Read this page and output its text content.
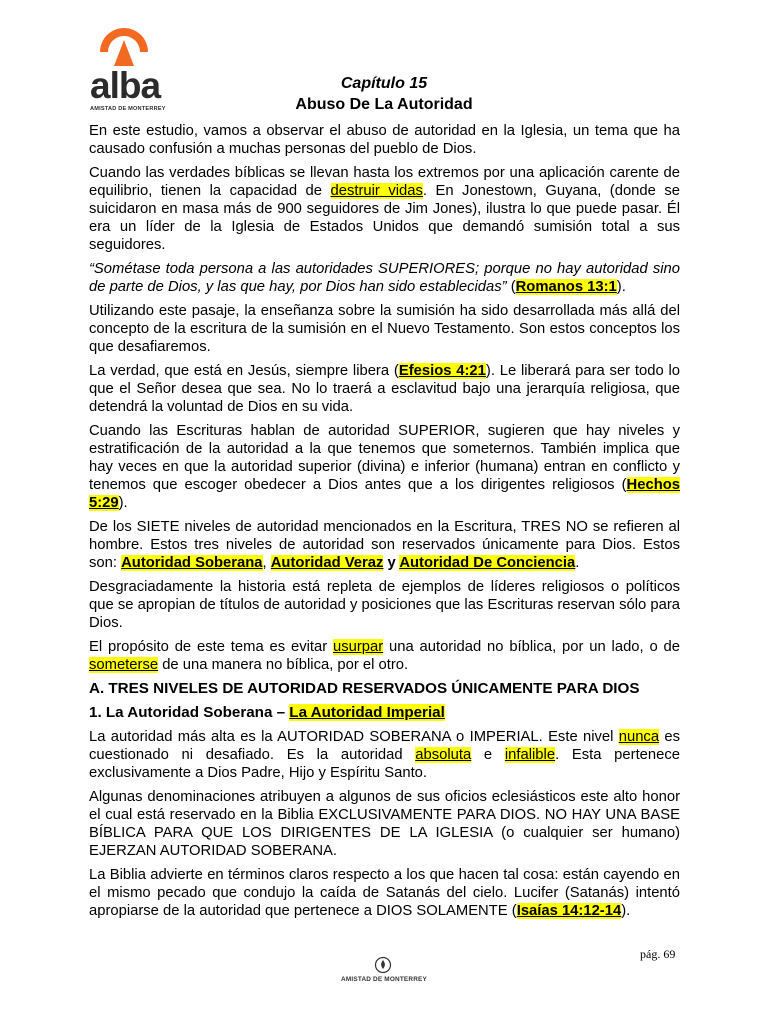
alba
AMISTAD DE MONTERREY
Capítulo 15
Abuso De La Autoridad

En este estudio, vamos a observar el abuso de autoridad en la Iglesia, un tema que ha causado confusión a muchas personas del pueblo de Dios.

Cuando las verdades bíblicas se llevan hasta los extremos por una aplicación carente de equilibrio, tienen la capacidad de destruir vidas. En Jonestown, Guyana, (donde se suicidaron en masa más de 900 seguidores de Jim Jones), ilustra lo que puede pasar. Él era un líder de la Iglesia de Estados Unidos que demandó sumisión total a sus seguidores.

“Sométase toda persona a las autoridades SUPERIORES; porque no hay autoridad sino de parte de Dios, y las que hay, por Dios han sido establecidas” (Romanos 13:1).

Utilizando este pasaje, la enseñanza sobre la sumisión ha sido desarrollada más allá del concepto de la escritura de la sumisión en el Nuevo Testamento. Son estos conceptos los que desafiaremos.

La verdad, que está en Jesús, siempre libera (Efesios 4:21). Le liberará para ser todo lo que el Señor desea que sea. No lo traerá a esclavitud bajo una jerarquía religiosa, que detendrá la voluntad de Dios en su vida.

Cuando las Escrituras hablan de autoridad SUPERIOR, sugieren que hay niveles y estratificación de la autoridad a la que tenemos que someternos. También implica que hay veces en que la autoridad superior (divina) e inferior (humana) entran en conflicto y tenemos que escoger obedecer a Dios antes que a los dirigentes religiosos (Hechos 5:29).

De los SIETE niveles de autoridad mencionados en la Escritura, TRES NO se refieren al hombre. Estos tres niveles de autoridad son reservados únicamente para Dios. Estos son: Autoridad Soberana, Autoridad Veraz y Autoridad De Conciencia.

Desgraciadamente la historia está repleta de ejemplos de líderes religiosos o políticos que se apropian de títulos de autoridad y posiciones que las Escrituras reservan sólo para Dios.

El propósito de este tema es evitar usurpar una autoridad no bíblica, por un lado, o de someterse de una manera no bíblica, por el otro.

A. TRES NIVELES DE AUTORIDAD RESERVADOS ÚNICAMENTE PARA DIOS

1. La Autoridad Soberana – La Autoridad Imperial

La autoridad más alta es la AUTORIDAD SOBERANA o IMPERIAL. Este nivel nunca es cuestionado ni desafiado. Es la autoridad absoluta e infalible. Esta pertenece exclusivamente a Dios Padre, Hijo y Espíritu Santo.

Algunas denominaciones atribuyen a algunos de sus oficios eclesiásticos este alto honor el cual está reservado en la Biblia EXCLUSIVAMENTE PARA DIOS. NO HAY UNA BASE BÍBLICA PARA QUE LOS DIRIGENTES DE LA IGLESIA (o cualquier ser humano) EJERZAN AUTORIDAD SOBERANA.

La Biblia advierte en términos claros respecto a los que hacen tal cosa: están cayendo en el mismo pecado que condujo la caída de Satanás del cielo. Lucifer (Satanás) intentó apropiarse de la autoridad que pertenece a DIOS SOLAMENTE (Isaías 14:12-14).

pág. 69
AMISTAD DE MONTERREY
